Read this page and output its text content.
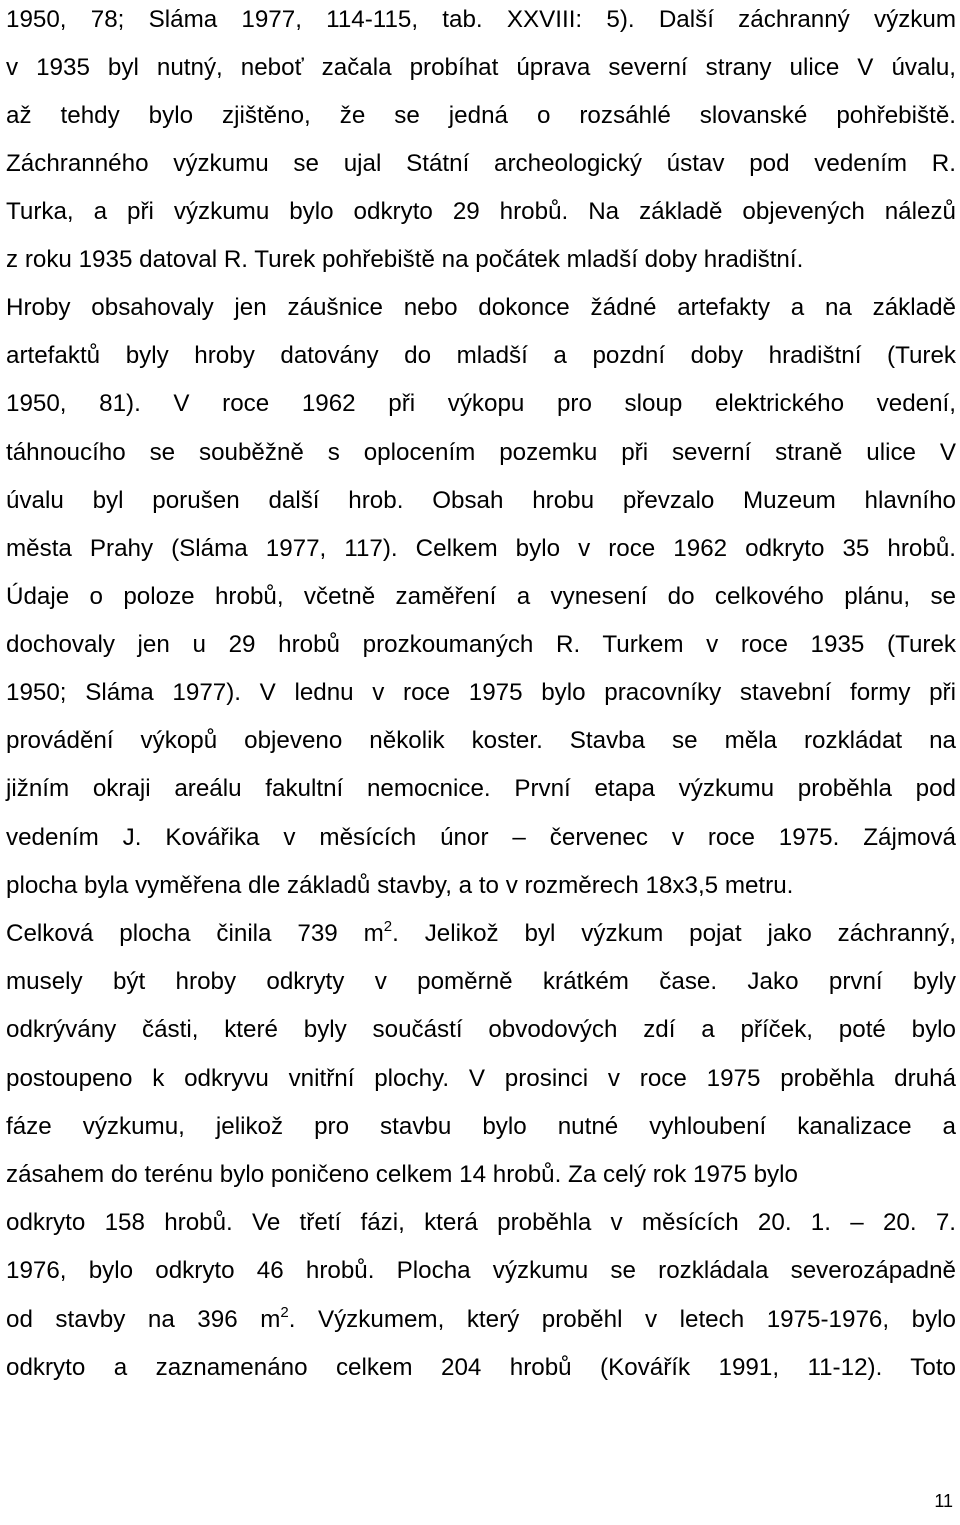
1950, 78; Sláma 1977, 114-115, tab. XXVIII: 5). Další záchranný výzkum
v 1935 byl nutný, neboť začala probíhat úprava severní strany ulice V úvalu,
až tehdy bylo zjištěno, že se jedná o rozsáhlé slovanské pohřebiště.
Záchranného výzkumu se ujal Státní archeologický ústav pod vedením R.
Turka, a při výzkumu bylo odkryto 29 hrobů. Na základě objevených nálezů
z roku 1935 datoval R. Turek pohřebiště na počátek mladší doby hradištní.
Hroby obsahovaly jen záušnice nebo dokonce žádné artefakty a na základě
artefaktů byly hroby datovány do mladší a pozdní doby hradištní (Turek
1950, 81). V roce 1962 při výkopu pro sloup elektrického vedení,
táhnoucího se souběžně s oplocením pozemku při severní straně ulice V
úvalu byl porušen další hrob. Obsah hrobu převzalo Muzeum hlavního
města Prahy (Sláma 1977, 117). Celkem bylo v roce 1962 odkryto 35 hrobů.
Údaje o poloze hrobů, včetně zaměření a vynesení do celkového plánu, se
dochovaly jen u 29 hrobů prozkoumaných R. Turkem v roce 1935 (Turek
1950; Sláma 1977). V lednu v roce 1975 bylo pracovníky stavební formy při
provádění výkopů objeveno několik koster. Stavba se měla rozkládat na
jižním okraji areálu fakultní nemocnice. První etapa výzkumu proběhla pod
vedením J. Kovářika v měsících únor – červenec v roce 1975. Zájmová
plocha byla vyměřena dle základů stavby, a to v rozměrech 18x3,5 metru.
Celková plocha činila 739 $m^2$. Jelikož byl výzkum pojat jako záchranný,
musely být hroby odkryty v poměrně krátkém čase. Jako první byly
odkrývány části, které byly součástí obvodových zdí a příček, poté bylo
postoupeno k odkryvu vnitřní plochy. V prosinci v roce 1975 proběhla druhá
fáze výzkumu, jelikož pro stavbu bylo nutné vyhloubení kanalizace a
zásahem do terénu bylo poničeno celkem 14 hrobů. Za celý rok 1975 bylo
odkryto 158 hrobů. Ve třetí fázi, která proběhla v měsících 20. 1. – 20. 7.
1976, bylo odkryto 46 hrobů. Plocha výzkumu se rozkládala severozápadně
od stavby na 396 $m^2$. Výzkumem, který proběhl v letech 1975-1976, bylo
odkryto a zaznamenáno celkem 204 hrobů (Kovářík 1991, 11-12). Toto
11
